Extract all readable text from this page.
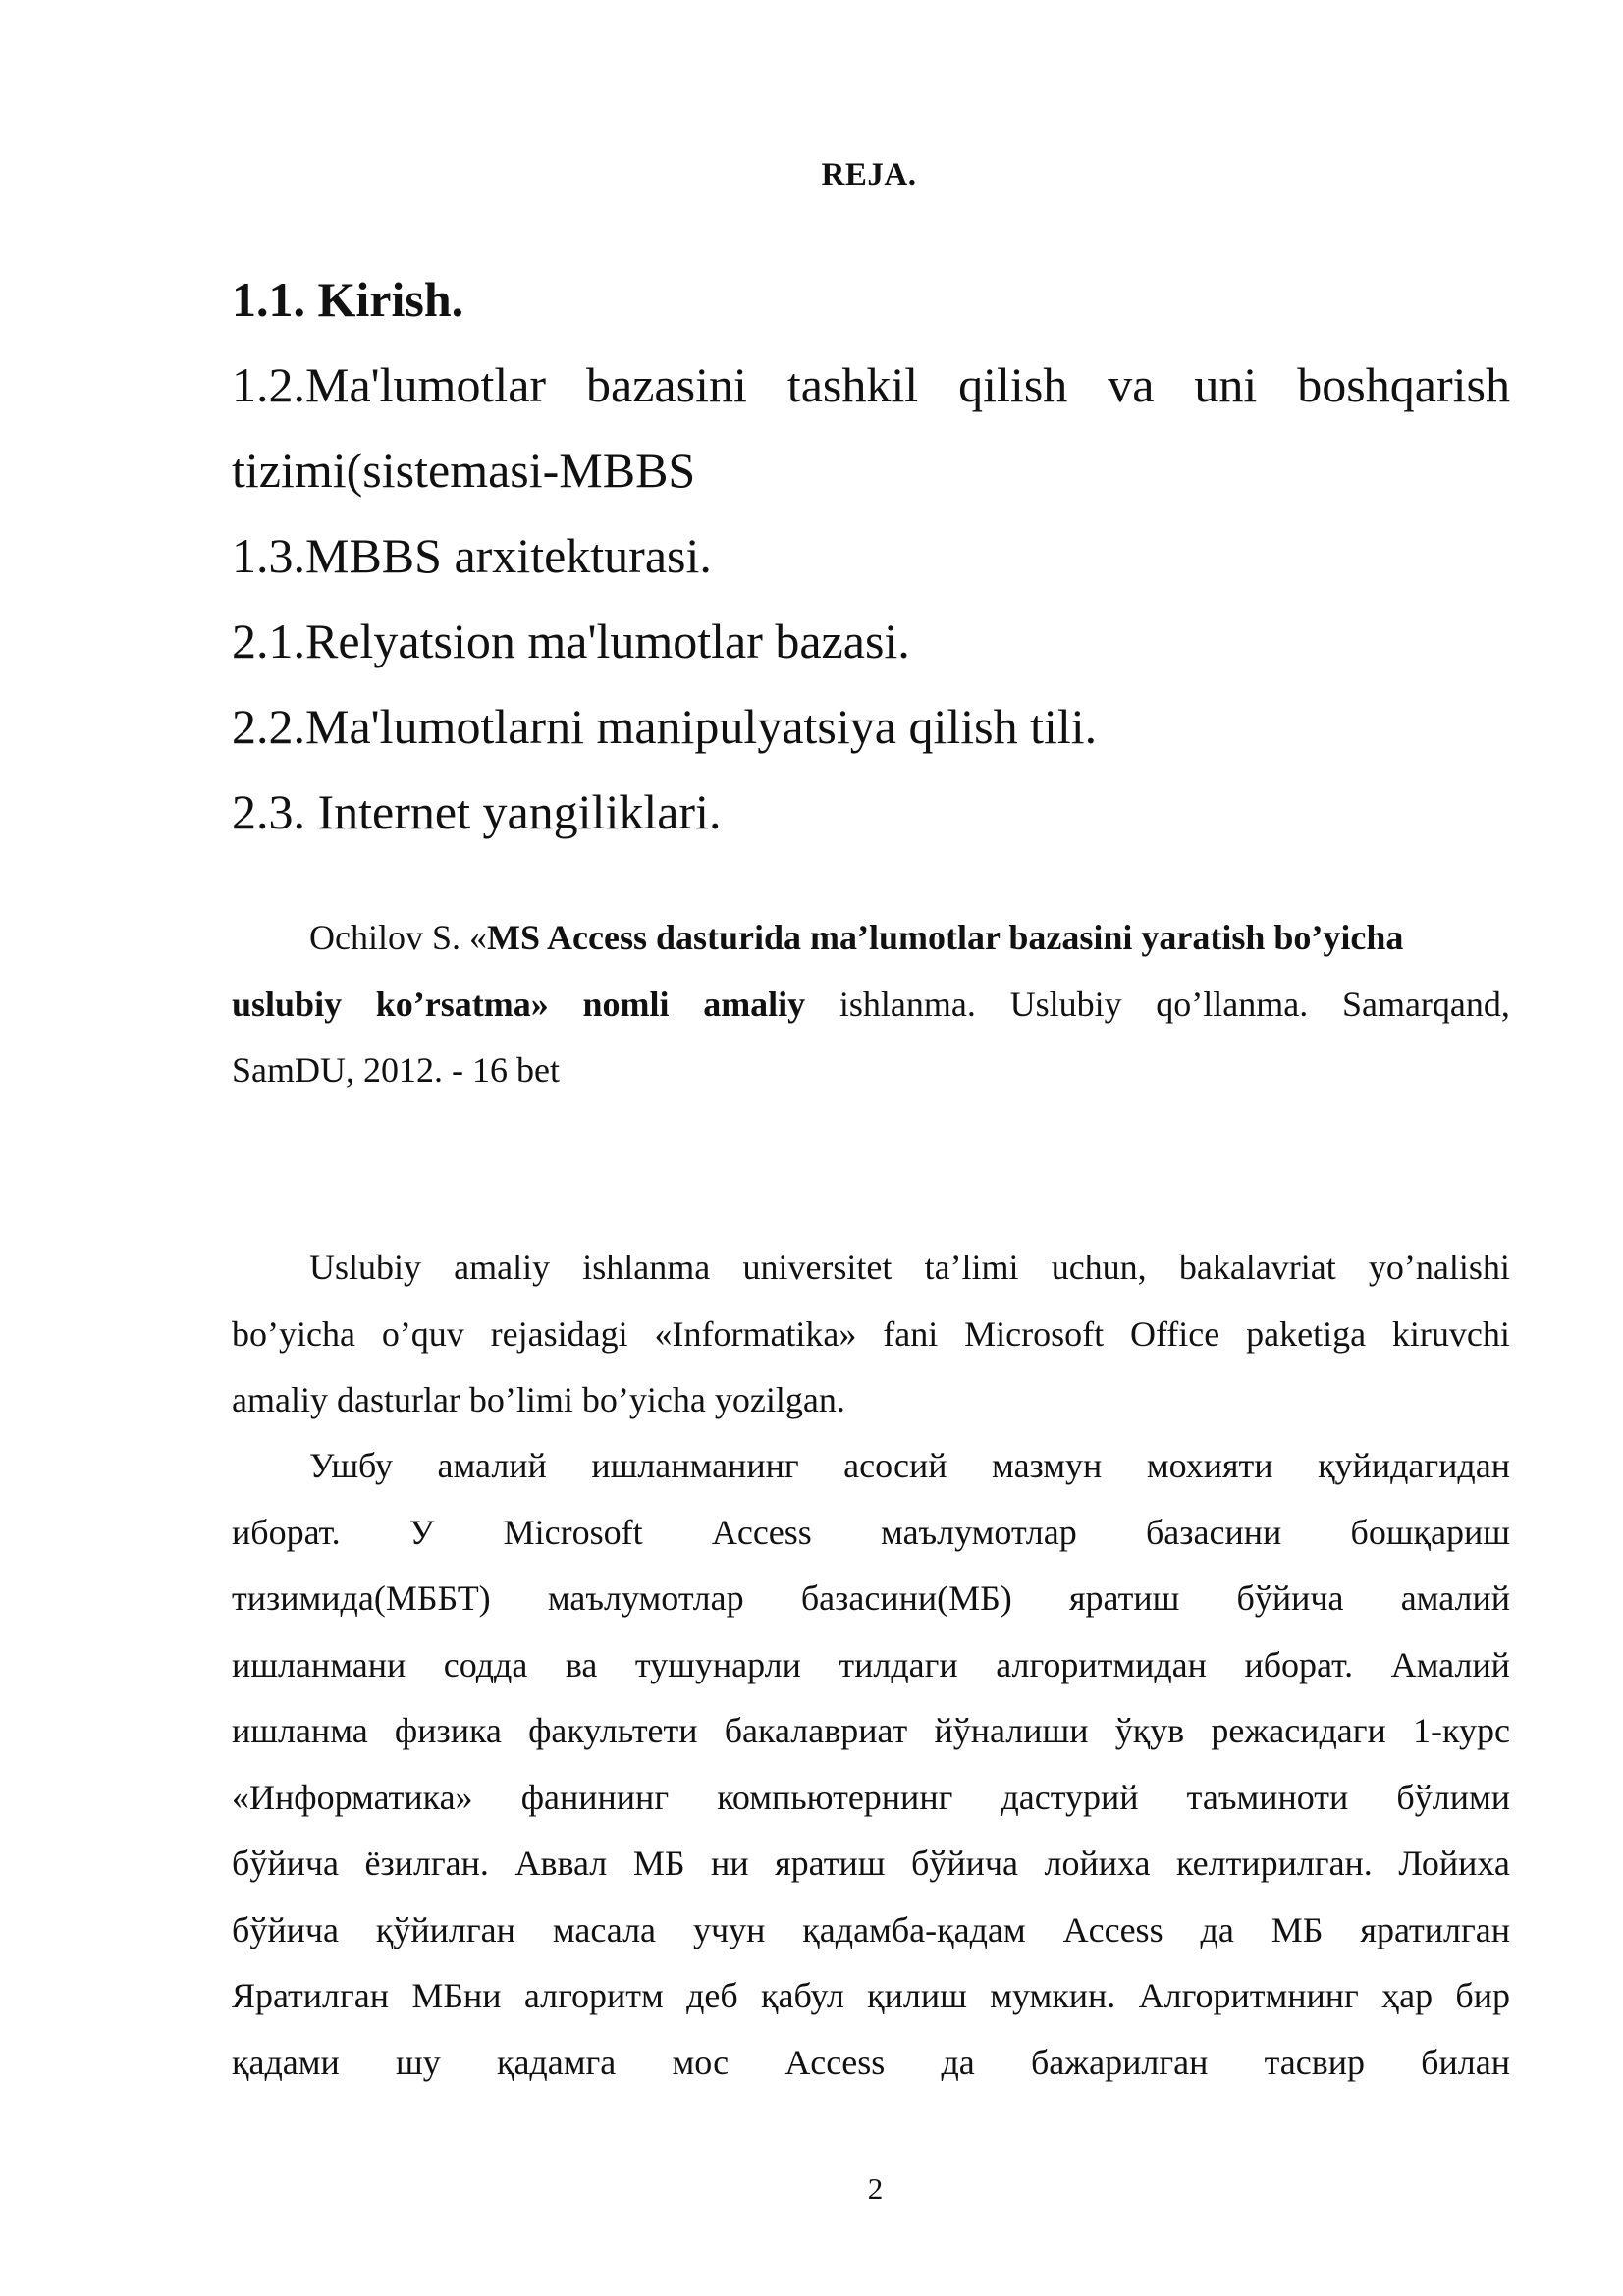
REJA.
1.1. Kirish.
1.2.Ma'lumotlar bazasini tashkil qilish va uni boshqarish
tizimi(sistemasi-MBBS
1.3.MBBS arxitekturasi.
2.1.Relyatsion ma'lumotlar bazasi.
2.2.Ma'lumotlarni manipulyatsiya qilish tili.
2.3. Internet yangiliklari.
Ochilov S. «MS Access dasturida ma’lumotlar bazasini yaratish bo’yicha
uslubiy ko’rsatma» nomli amaliy ishlanma. Uslubiy qo’llanma. Samarqand,
SamDU, 2012. - 16 bet
Uslubiy amaliy ishlanma universitet ta’limi uchun, bakalavriat yo’nalishi
bo’yicha o’quv rejasidagi «Informatika» fani Microsoft Office paketiga kiruvchi
amaliy dasturlar bo’limi bo’yicha yozilgan.
Ушбу амалий ишланманинг асосий мазмун мохияти қуйидагидан
иборат. У Microsoft Access маълумотлар базасини бошқариш
тизимида(МББТ) маълумотлар базасини(МБ) яратиш бўйича амалий
ишланмани содда ва тушунарли тилдаги алгоритмидан иборат. Амалий
ишланма физика факультети бакалавриат йўналиши ўқув режасидаги 1-курс
«Информатика» фанининг компьютернинг дастурий таъминоти бўлими
бўйича ёзилган. Аввал МБ ни яратиш бўйича лойиха келтирилган. Лойиха
бўйича қўйилган масала учун қадамба-қадам Access да МБ яратилган
Яратилган МБни алгоритм деб қабул қилиш мумкин. Алгоритмнинг ҳар бир
қадами шу қадамга мос Access да бажарилган тасвир билан
2
